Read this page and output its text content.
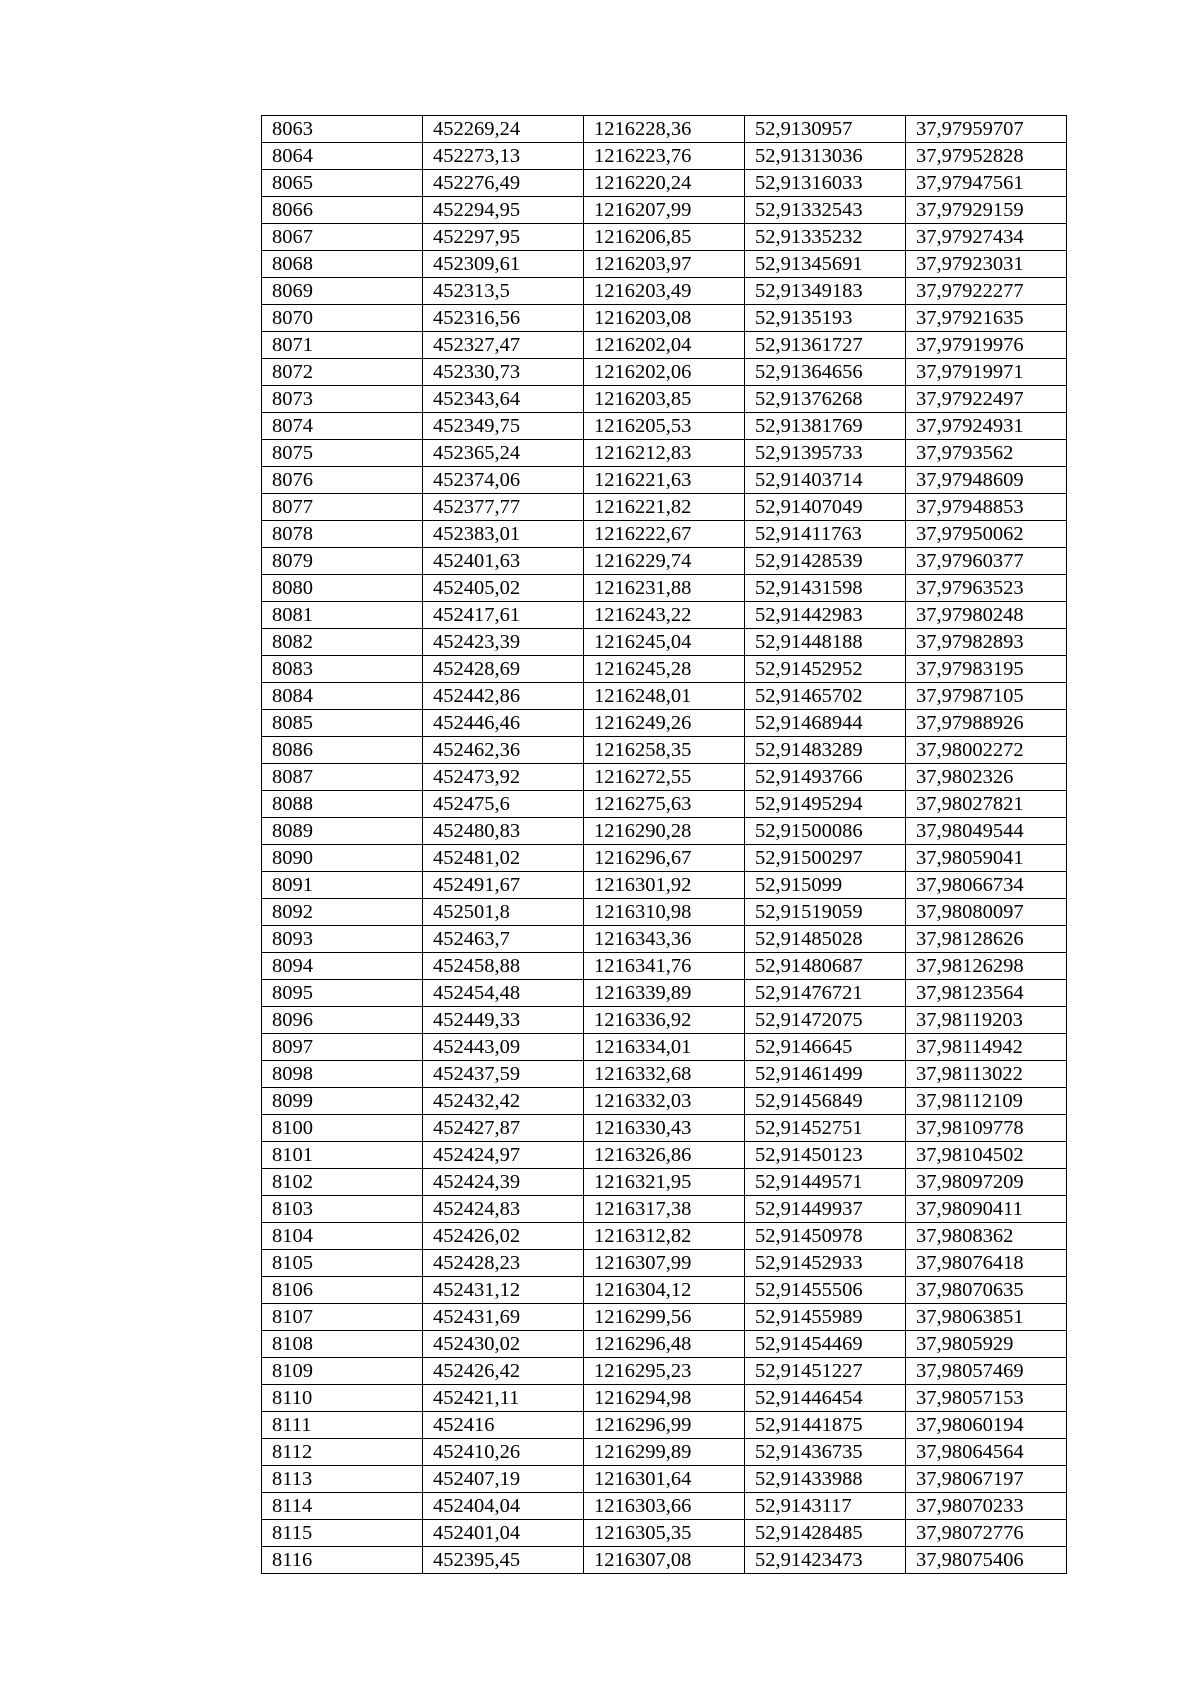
8063	452269,24	1216228,36	52,9130957	37,97959707
8064	452273,13	1216223,76	52,91313036	37,97952828
8065	452276,49	1216220,24	52,91316033	37,97947561
8066	452294,95	1216207,99	52,91332543	37,97929159
8067	452297,95	1216206,85	52,91335232	37,97927434
8068	452309,61	1216203,97	52,91345691	37,97923031
8069	452313,5	1216203,49	52,91349183	37,97922277
8070	452316,56	1216203,08	52,9135193	37,97921635
8071	452327,47	1216202,04	52,91361727	37,97919976
8072	452330,73	1216202,06	52,91364656	37,97919971
8073	452343,64	1216203,85	52,91376268	37,97922497
8074	452349,75	1216205,53	52,91381769	37,97924931
8075	452365,24	1216212,83	52,91395733	37,9793562
8076	452374,06	1216221,63	52,91403714	37,97948609
8077	452377,77	1216221,82	52,91407049	37,97948853
8078	452383,01	1216222,67	52,91411763	37,97950062
8079	452401,63	1216229,74	52,91428539	37,97960377
8080	452405,02	1216231,88	52,91431598	37,97963523
8081	452417,61	1216243,22	52,91442983	37,97980248
8082	452423,39	1216245,04	52,91448188	37,97982893
8083	452428,69	1216245,28	52,91452952	37,97983195
8084	452442,86	1216248,01	52,91465702	37,97987105
8085	452446,46	1216249,26	52,91468944	37,97988926
8086	452462,36	1216258,35	52,91483289	37,98002272
8087	452473,92	1216272,55	52,91493766	37,9802326
8088	452475,6	1216275,63	52,91495294	37,98027821
8089	452480,83	1216290,28	52,91500086	37,98049544
8090	452481,02	1216296,67	52,91500297	37,98059041
8091	452491,67	1216301,92	52,915099	37,98066734
8092	452501,8	1216310,98	52,91519059	37,98080097
8093	452463,7	1216343,36	52,91485028	37,98128626
8094	452458,88	1216341,76	52,91480687	37,98126298
8095	452454,48	1216339,89	52,91476721	37,98123564
8096	452449,33	1216336,92	52,91472075	37,98119203
8097	452443,09	1216334,01	52,9146645	37,98114942
8098	452437,59	1216332,68	52,91461499	37,98113022
8099	452432,42	1216332,03	52,91456849	37,98112109
8100	452427,87	1216330,43	52,91452751	37,98109778
8101	452424,97	1216326,86	52,91450123	37,98104502
8102	452424,39	1216321,95	52,91449571	37,98097209
8103	452424,83	1216317,38	52,91449937	37,98090411
8104	452426,02	1216312,82	52,91450978	37,9808362
8105	452428,23	1216307,99	52,91452933	37,98076418
8106	452431,12	1216304,12	52,91455506	37,98070635
8107	452431,69	1216299,56	52,91455989	37,98063851
8108	452430,02	1216296,48	52,91454469	37,9805929
8109	452426,42	1216295,23	52,91451227	37,98057469
8110	452421,11	1216294,98	52,91446454	37,98057153
8111	452416	1216296,99	52,91441875	37,98060194
8112	452410,26	1216299,89	52,91436735	37,98064564
8113	452407,19	1216301,64	52,91433988	37,98067197
8114	452404,04	1216303,66	52,9143117	37,98070233
8115	452401,04	1216305,35	52,91428485	37,98072776
8116	452395,45	1216307,08	52,91423473	37,98075406
